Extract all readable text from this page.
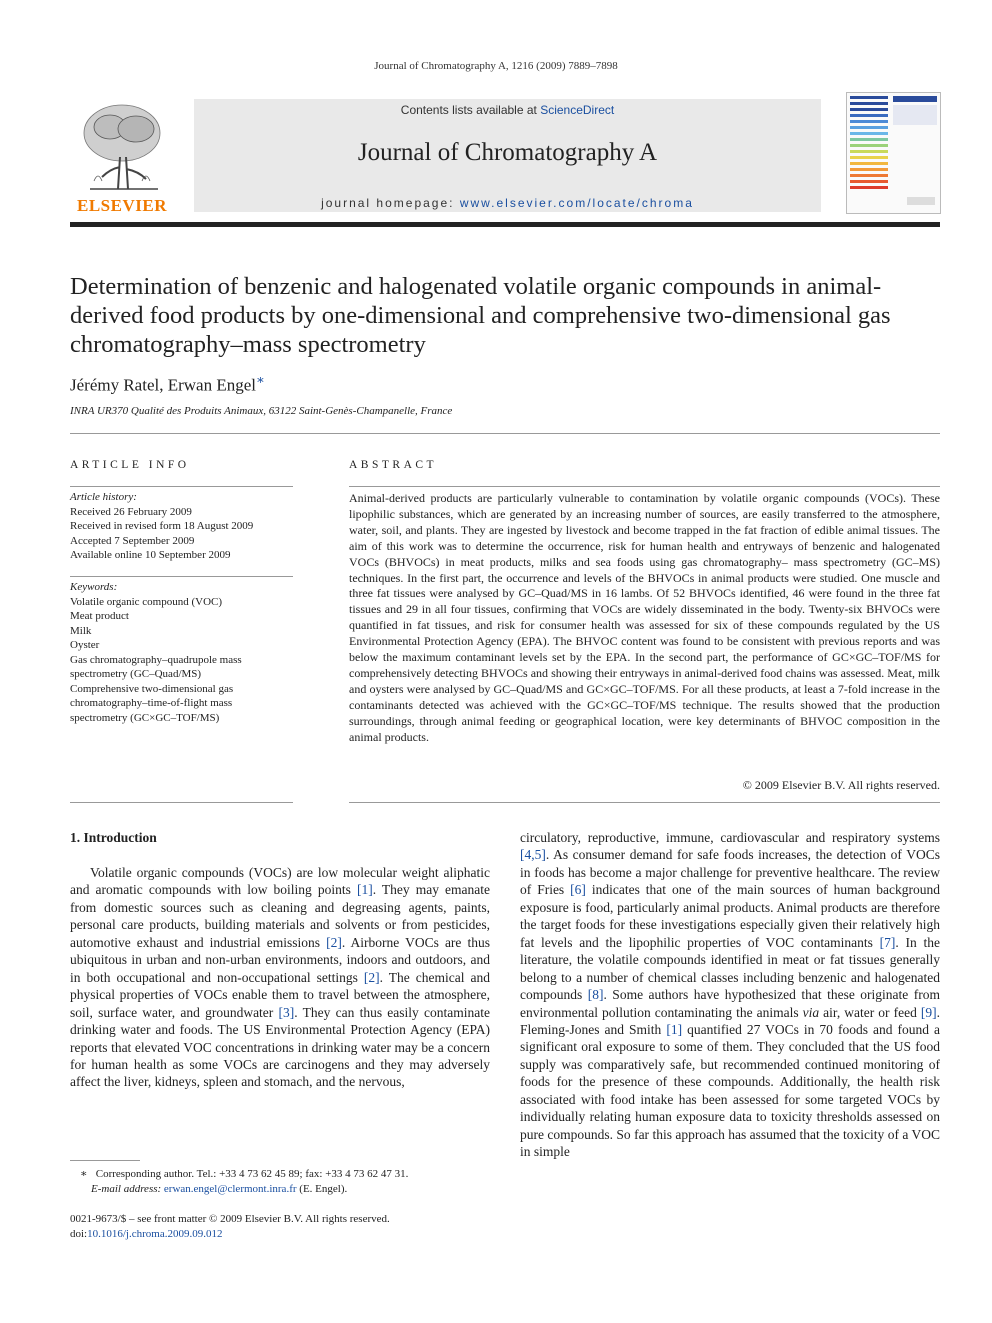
Journal of Chromatography A, 1216 (2009) 7889–7898
ELSEVIER
Contents lists available at ScienceDirect
Journal of Chromatography A
journal homepage: www.elsevier.com/locate/chroma
Determination of benzenic and halogenated volatile organic compounds in animal-derived food products by one-dimensional and comprehensive two-dimensional gas chromatography–mass spectrometry
Jérémy Ratel, Erwan Engel∗
INRA UR370 Qualité des Produits Animaux, 63122 Saint-Genès-Champanelle, France
ARTICLE INFO
Article history:
Received 26 February 2009
Received in revised form 18 August 2009
Accepted 7 September 2009
Available online 10 September 2009
Keywords:
Volatile organic compound (VOC)
Meat product
Milk
Oyster
Gas chromatography–quadrupole mass
spectrometry (GC–Quad/MS)
Comprehensive two-dimensional gas
chromatography–time-of-flight mass
spectrometry (GC×GC–TOF/MS)
ABSTRACT
Animal-derived products are particularly vulnerable to contamination by volatile organic compounds (VOCs). These lipophilic substances, which are generated by an increasing number of sources, are easily transferred to the atmosphere, water, soil, and plants. They are ingested by livestock and become trapped in the fat fraction of edible animal tissues. The aim of this work was to determine the occurrence, risk for human health and entryways of benzenic and halogenated VOCs (BHVOCs) in meat products, milks and sea foods using gas chromatography– mass spectrometry (GC–MS) techniques. In the first part, the occurrence and levels of the BHVOCs in animal products were studied. One muscle and three fat tissues were analysed by GC–Quad/MS in 16 lambs. Of 52 BHVOCs identified, 46 were found in the three fat tissues and 29 in all four tissues, confirming that VOCs are widely disseminated in the body. Twenty-six BHVOCs were quantified in fat tissues, and risk for consumer health was assessed for six of these compounds regulated by the US Environmental Protection Agency (EPA). The BHVOC content was found to be consistent with previous reports and was below the maximum contaminant levels set by the EPA. In the second part, the performance of GC×GC–TOF/MS for comprehensively detecting BHVOCs and showing their entryways in animal-derived food chains was assessed. Meat, milk and oysters were analysed by GC–Quad/MS and GC×GC–TOF/MS. For all these products, at least a 7-fold increase in the contaminants detected was achieved with the GC×GC–TOF/MS technique. The results showed that the production surroundings, through animal feeding or geographical location, were key determinants of BHVOC composition in the animal products.
© 2009 Elsevier B.V. All rights reserved.
1. Introduction
Volatile organic compounds (VOCs) are low molecular weight aliphatic and aromatic compounds with low boiling points [1]. They may emanate from domestic sources such as cleaning and degreasing agents, paints, personal care products, building materials and solvents or from pesticides, automotive exhaust and industrial emissions [2]. Airborne VOCs are thus ubiquitous in urban and non-urban environments, indoors and outdoors, and in both occupational and non-occupational settings [2]. The chemical and physical properties of VOCs enable them to travel between the atmosphere, soil, surface water, and groundwater [3]. They can thus easily contaminate drinking water and foods. The US Environmental Protection Agency (EPA) reports that elevated VOC concentrations in drinking water may be a concern for human health as some VOCs are carcinogens and they may adversely affect the liver, kidneys, spleen and stomach, and the nervous,
circulatory, reproductive, immune, cardiovascular and respiratory systems [4,5]. As consumer demand for safe foods increases, the detection of VOCs in foods has become a major challenge for preventive healthcare. The review of Fries [6] indicates that one of the main sources of human background exposure is food, particularly animal products. Animal products are therefore the target foods for these investigations especially given their relatively high fat levels and the lipophilic properties of VOC contaminants [7]. In the literature, the volatile compounds identified in meat or fat tissues generally belong to a number of chemical classes including benzenic and halogenated compounds [8]. Some authors have hypothesized that these originate from environmental pollution contaminating the animals via air, water or feed [9]. Fleming-Jones and Smith [1] quantified 27 VOCs in 70 foods and found a significant oral exposure to some of them. They concluded that the US food supply was comparatively safe, but recommended continued monitoring of foods for the presence of these compounds. Additionally, the health risk associated with food intake has been assessed for some targeted VOCs by individually relating human exposure data to toxicity thresholds assessed on pure compounds. So far this approach has assumed that the toxicity of a VOC in simple
∗ Corresponding author. Tel.: +33 4 73 62 45 89; fax: +33 4 73 62 47 31.
E-mail address: erwan.engel@clermont.inra.fr (E. Engel).
0021-9673/$ – see front matter © 2009 Elsevier B.V. All rights reserved.
doi:10.1016/j.chroma.2009.09.012
